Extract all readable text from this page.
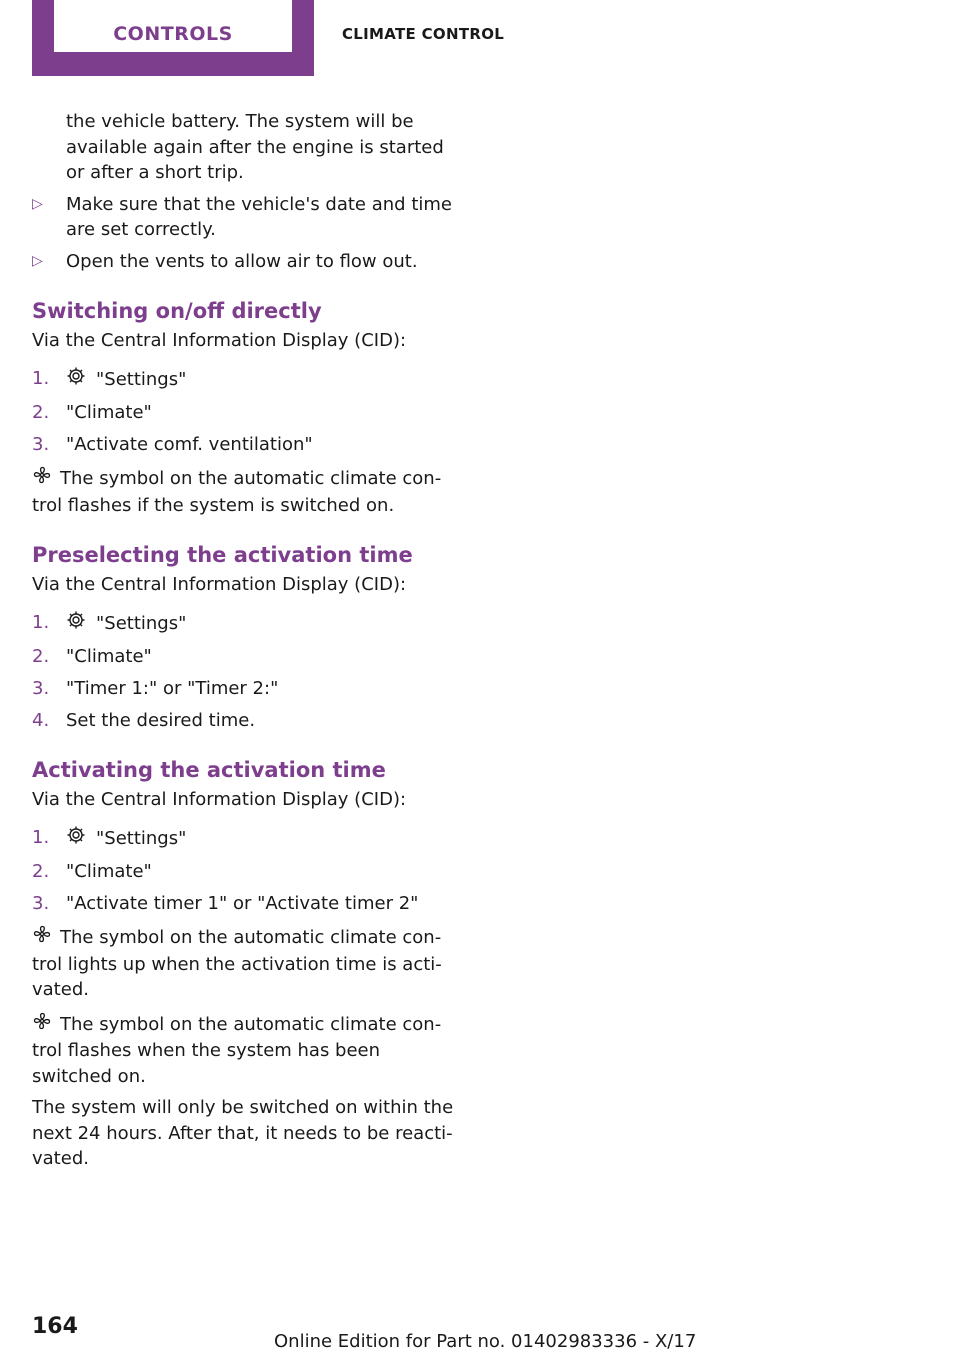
CONTROLS	CLIMATE CONTROL

the vehicle battery. The system will be available again after the engine is started or after a short trip.

▷ Make sure that the vehicle's date and time are set correctly.
▷ Open the vents to allow air to flow out.
Switching on/off directly

Via the Central Information Display (CID):

1.	"Settings"
2. "Climate"
3. "Activate comf. ventilation"

The symbol on the automatic climate con-trol flashes if the system is switched on.

Preselecting the activation time

Via the Central Information Display (CID):

1.	"Settings"
2. "Climate"
3. "Timer 1:" or "Timer 2:"
4. Set the desired time.
Activating the activation time

Via the Central Information Display (CID):

1.	"Settings"
2. "Climate"
3. "Activate timer 1" or "Activate timer 2"

The symbol on the automatic climate con-trol lights up when the activation time is acti-vated.

The symbol on the automatic climate con-trol flashes when the system has been switched on.

The system will only be switched on within the next 24 hours. After that, it needs to be reacti-vated.

164
Online Edition for Part no. 01402983336 - X/17
